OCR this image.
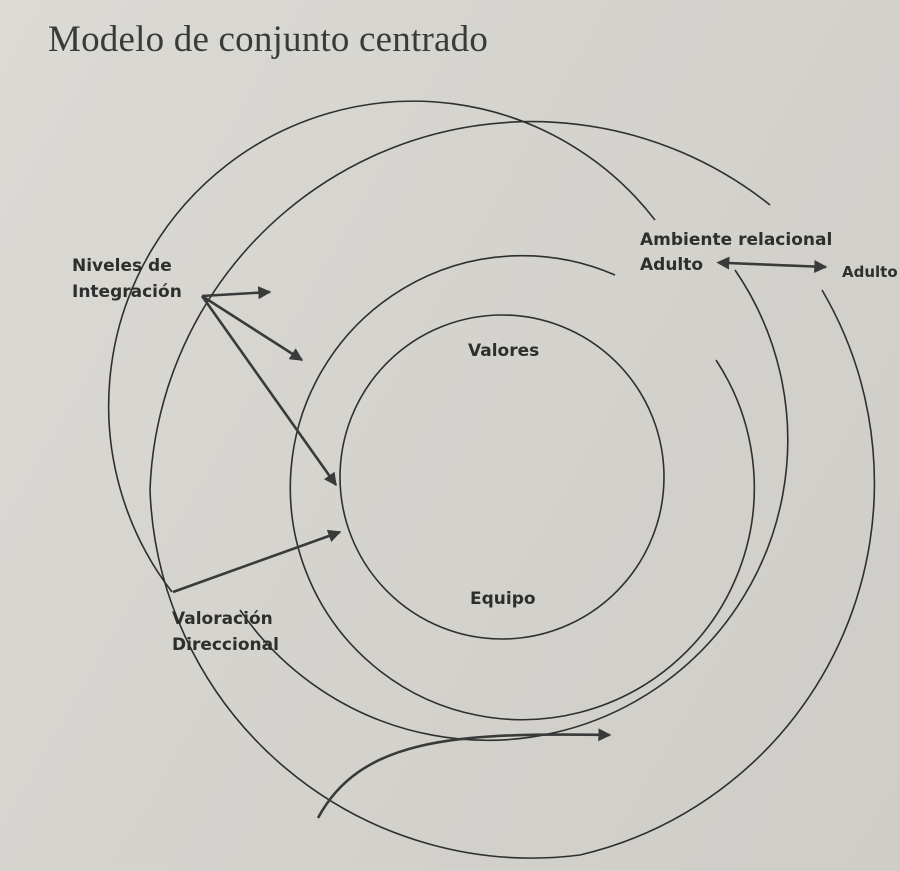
Modelo de conjunto centrado
Niveles de
Integración
Ambiente relacional
Adulto	Adulto
Valores
Equipo
Valoración
Direccional
